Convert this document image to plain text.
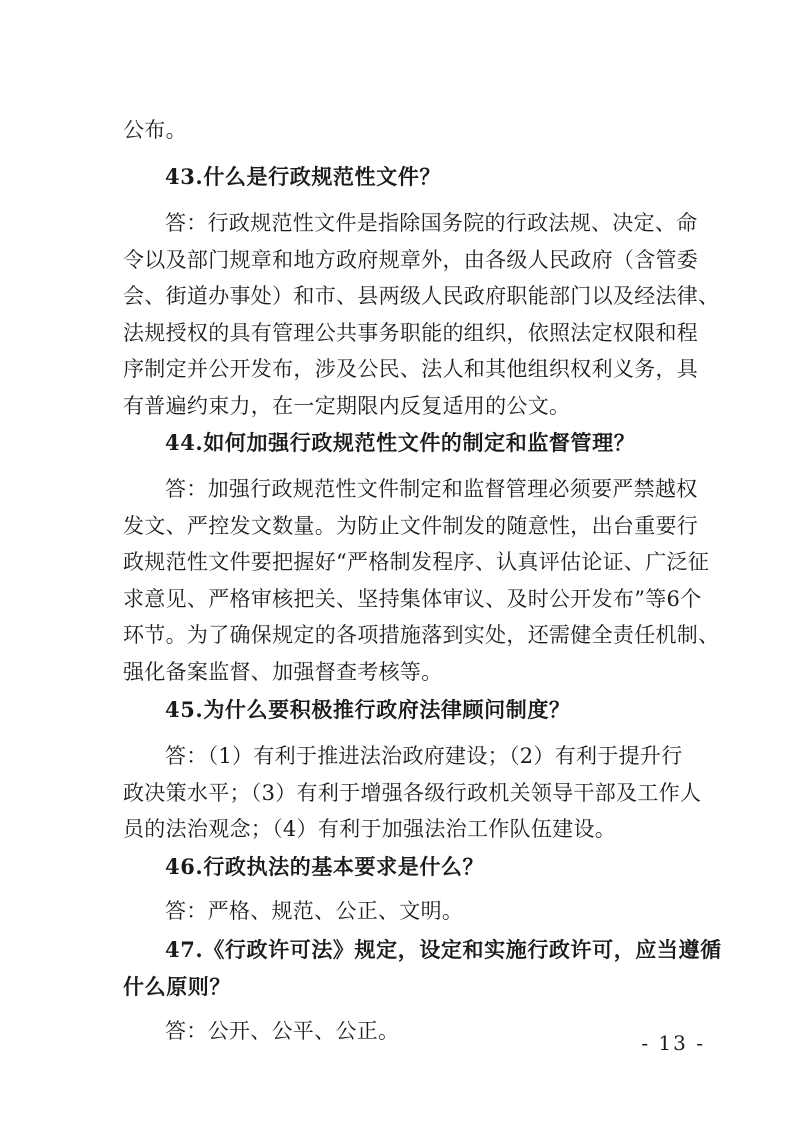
公布。
43.什么是行政规范性文件？
答：行政规范性文件是指除国务院的行政法规、决定、命
令以及部门规章和地方政府规章外，由各级人民政府（含管委
会、街道办事处）和市、县两级人民政府职能部门以及经法律、
法规授权的具有管理公共事务职能的组织，依照法定权限和程
序制定并公开发布，涉及公民、法人和其他组织权利义务，具
有普遍约束力，在一定期限内反复适用的公文。
44.如何加强行政规范性文件的制定和监督管理？
答：加强行政规范性文件制定和监督管理必须要严禁越权
发文、严控发文数量。为防止文件制发的随意性，出台重要行
政规范性文件要把握好“严格制发程序、认真评估论证、广泛征
求意见、严格审核把关、坚持集体审议、及时公开发布”等6个
环节。为了确保规定的各项措施落到实处，还需健全责任机制、
强化备案监督、加强督查考核等。
45.为什么要积极推行政府法律顾问制度？
答：（1）有利于推进法治政府建设；（2）有利于提升行
政决策水平；（3）有利于增强各级行政机关领导干部及工作人
员的法治观念；（4）有利于加强法治工作队伍建设。
46.行政执法的基本要求是什么？
答：严格、规范、公正、文明。
47.《行政许可法》规定，设定和实施行政许可，应当遵循
什么原则？
答：公开、公平、公正。	- 13 -
